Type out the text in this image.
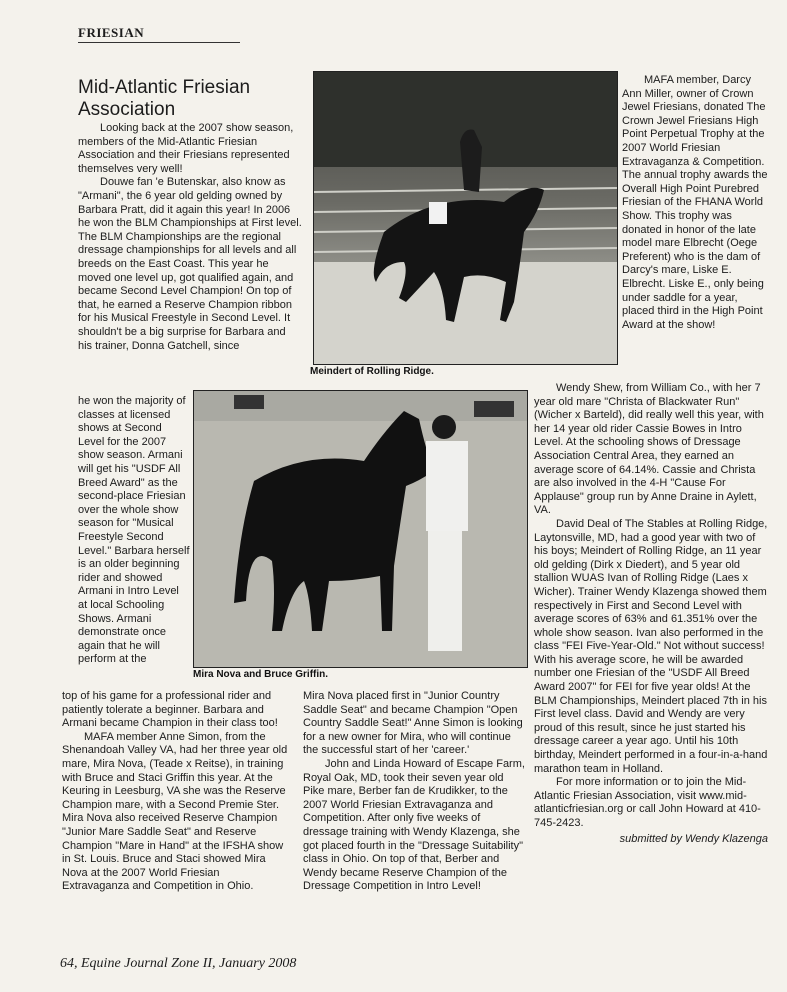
FRIESIAN
Mid-Atlantic Friesian Association

Looking back at the 2007 show season, members of the Mid-Atlantic Friesian Association and their Friesians represented themselves very well!

Douwe fan 'e Butenskar, also know as "Armani", the 6 year old gelding owned by Barbara Pratt, did it again this year! In 2006 he won the BLM Championships at First level. The BLM Championships are the regional dressage championships for all levels and all breeds on the East Coast. This year he moved one level up, got qualified again, and became Second Level Champion! On top of that, he earned a Reserve Champion ribbon for his Musical Freestyle in Second Level. It shouldn't be a big surprise for Barbara and his trainer, Donna Gatchell, since

he won the majority of classes at licensed shows at Second Level for the 2007 show season. Armani will get his "USDF All Breed Award" as the second-place Friesian over the whole show season for "Musical Freestyle Second Level." Barbara herself is an older beginning rider and showed Armani in Intro Level at local Schooling Shows. Armani demonstrate once again that he will perform at the

top of his game for a professional rider and patiently tolerate a beginner. Barbara and Armani became Champion in their class too!

MAFA member Anne Simon, from the Shenandoah Valley VA, had her three year old mare, Mira Nova, (Teade x Reitse), in training with Bruce and Staci Griffin this year. At the Keuring in Leesburg, VA she was the Reserve Champion mare, with a Second Premie Ster. Mira Nova also received Reserve Champion "Junior Mare Saddle Seat" and Reserve Champion "Mare in Hand" at the IFSHA show in St. Louis. Bruce and Staci showed Mira Nova at the 2007 World Friesian Extravaganza and Competition in Ohio.

Meindert of Rolling Ridge.
Mira Nova and Bruce Griffin.

Mira Nova placed first in "Junior Country Saddle Seat" and became Champion "Open Country Saddle Seat!" Anne Simon is looking for a new owner for Mira, who will continue the successful start of her 'career.'

John and Linda Howard of Escape Farm, Royal Oak, MD, took their seven year old Pike mare, Berber fan de Krudikker, to the 2007 World Friesian Extravaganza and Competition. After only five weeks of dressage training with Wendy Klazenga, she got placed fourth in the "Dressage Suitability" class in Ohio. On top of that, Berber and Wendy became Reserve Champion of the Dressage Competition in Intro Level!

MAFA member, Darcy Ann Miller, owner of Crown Jewel Friesians, donated The Crown Jewel Friesians High Point Perpetual Trophy at the 2007 World Friesian Extravaganza & Competition. The annual trophy awards the Overall High Point Purebred Friesian of the FHANA World Show. This trophy was donated in honor of the late model mare Elbrecht (Oege Preferent) who is the dam of Darcy's mare, Liske E. Elbrecht. Liske E., only being under saddle for a year, placed third in the High Point Award at the show!

Wendy Shew, from William Co., with her 7 year old mare "Christa of Blackwater Run" (Wicher x Barteld), did really well this year, with her 14 year old rider Cassie Bowes in Intro Level. At the schooling shows of Dressage Association Central Area, they earned an average score of 64.14%. Cassie and Christa are also involved in the 4-H "Cause For Applause" group run by Anne Draine in Aylett, VA.

David Deal of The Stables at Rolling Ridge, Laytonsville, MD, had a good year with two of his boys; Meindert of Rolling Ridge, an 11 year old gelding (Dirk x Diedert), and 5 year old stallion WUAS Ivan of Rolling Ridge (Laes x Wicher). Trainer Wendy Klazenga showed them respectively in First and Second Level with average scores of 63% and 61.351% over the whole show season. Ivan also performed in the class "FEI Five-Year-Old." Not without success! With his average score, he will be awarded number one Friesian of the "USDF All Breed Award 2007" for FEI for five year olds! At the BLM Championships, Meindert placed 7th in his First level class. David and Wendy are very proud of this result, since he just started his dressage career a year ago. Until his 10th birthday, Meindert performed in a four-in-a-hand marathon team in Holland.

For more information or to join the Mid-Atlantic Friesian Association, visit www.mid-atlanticfriesian.org or call John Howard at 410-745-2423.

submitted by Wendy Klazenga
64, Equine Journal Zone II, January 2008
